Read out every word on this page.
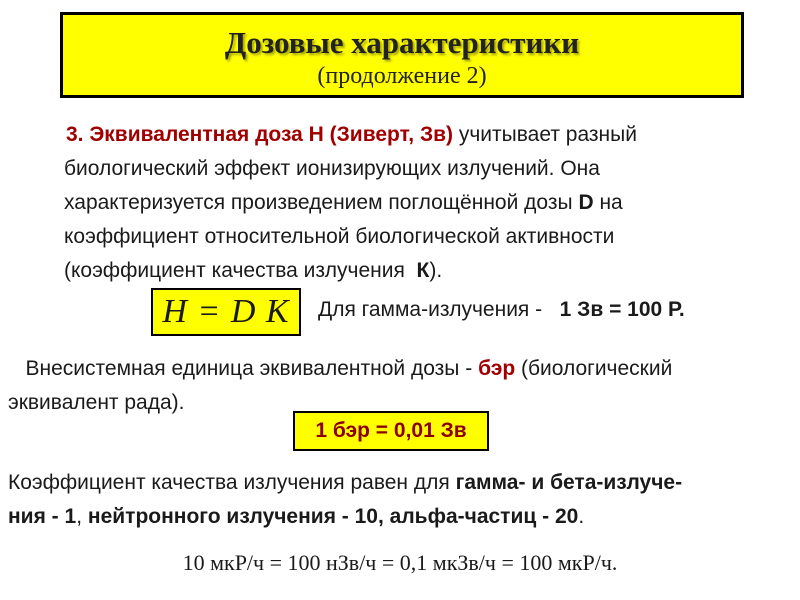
Дозовые характеристики
(продолжение 2)
3. Эквивалентная доза Н (Зиверт, Зв) учитывает разный
биологический эффект ионизирующих излучений. Она
характеризуется произведением поглощённой дозы D на
коэффициент относительной биологической активности
(коэффициент качества излучения К).
H = D K	Для гамма-излучения - 1 Зв = 100 Р.
Внесистемная единица эквивалентной дозы - бэр (биологический
эквивалент рада).
1 бэр = 0,01 Зв
Коэффициент качества излучения равен для гамма- и бета-излуче-
ния - 1, нейтронного излучения - 10, альфа-частиц - 20.
10 мкР/ч = 100 нЗв/ч = 0,1 мкЗв/ч = 100 мкР/ч.
